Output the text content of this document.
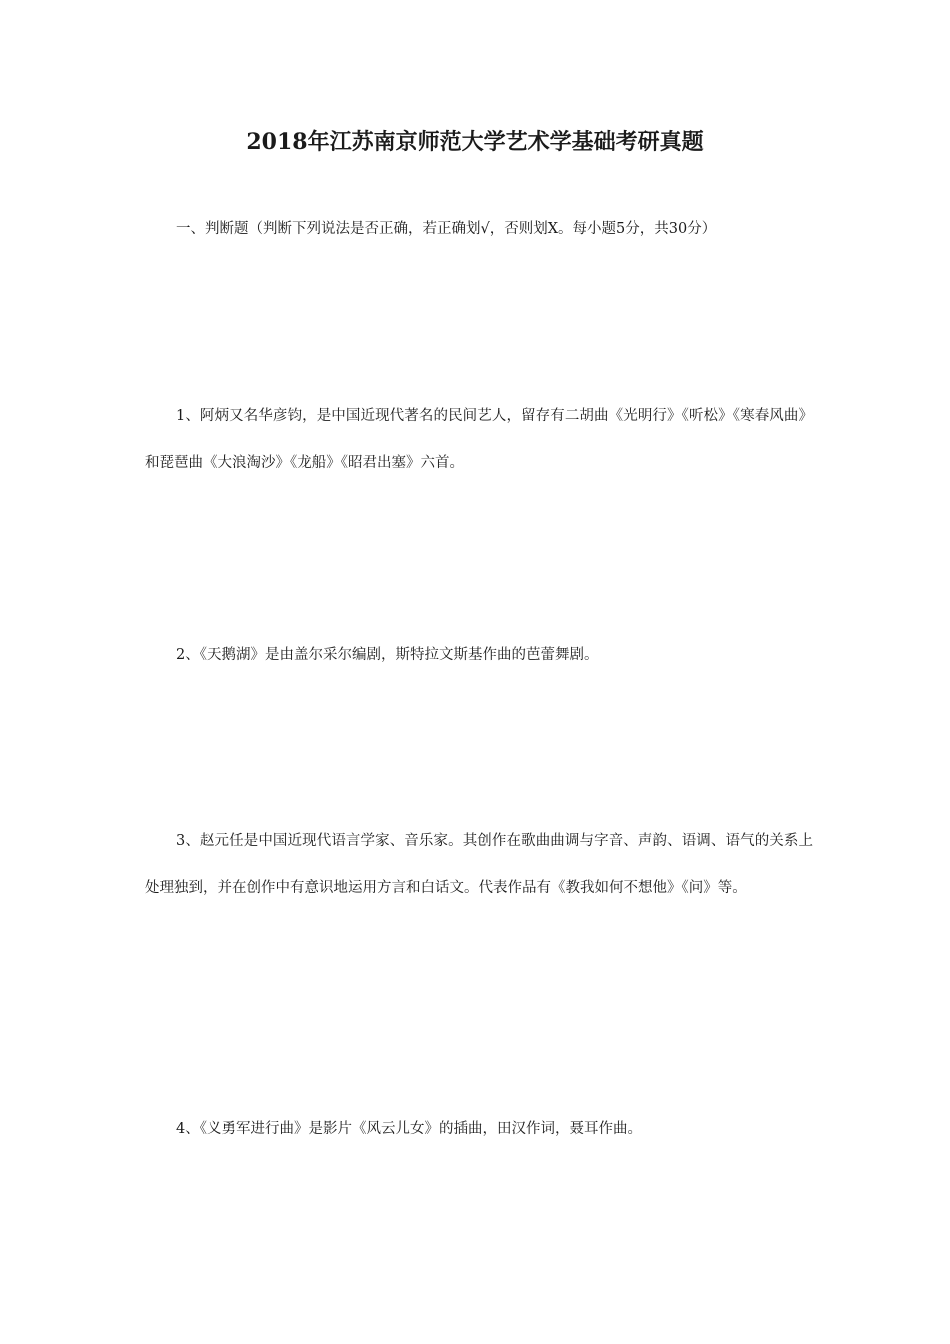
2018年江苏南京师范大学艺术学基础考研真题

一、判断题（判断下列说法是否正确，若正确划√，否则划X。每小题5分，共30分）

1、阿炳又名华彦钧，是中国近现代著名的民间艺人，留存有二胡曲《光明行》《听松》《寒春风曲》和琵琶曲《大浪淘沙》《龙船》《昭君出塞》六首。

2、《天鹅湖》是由盖尔采尔编剧，斯特拉文斯基作曲的芭蕾舞剧。

3、赵元任是中国近现代语言学家、音乐家。其创作在歌曲曲调与字音、声韵、语调、语气的关系上处理独到，并在创作中有意识地运用方言和白话文。代表作品有《教我如何不想他》《问》等。

4、《义勇军进行曲》是影片《风云儿女》的插曲，田汉作词，聂耳作曲。
